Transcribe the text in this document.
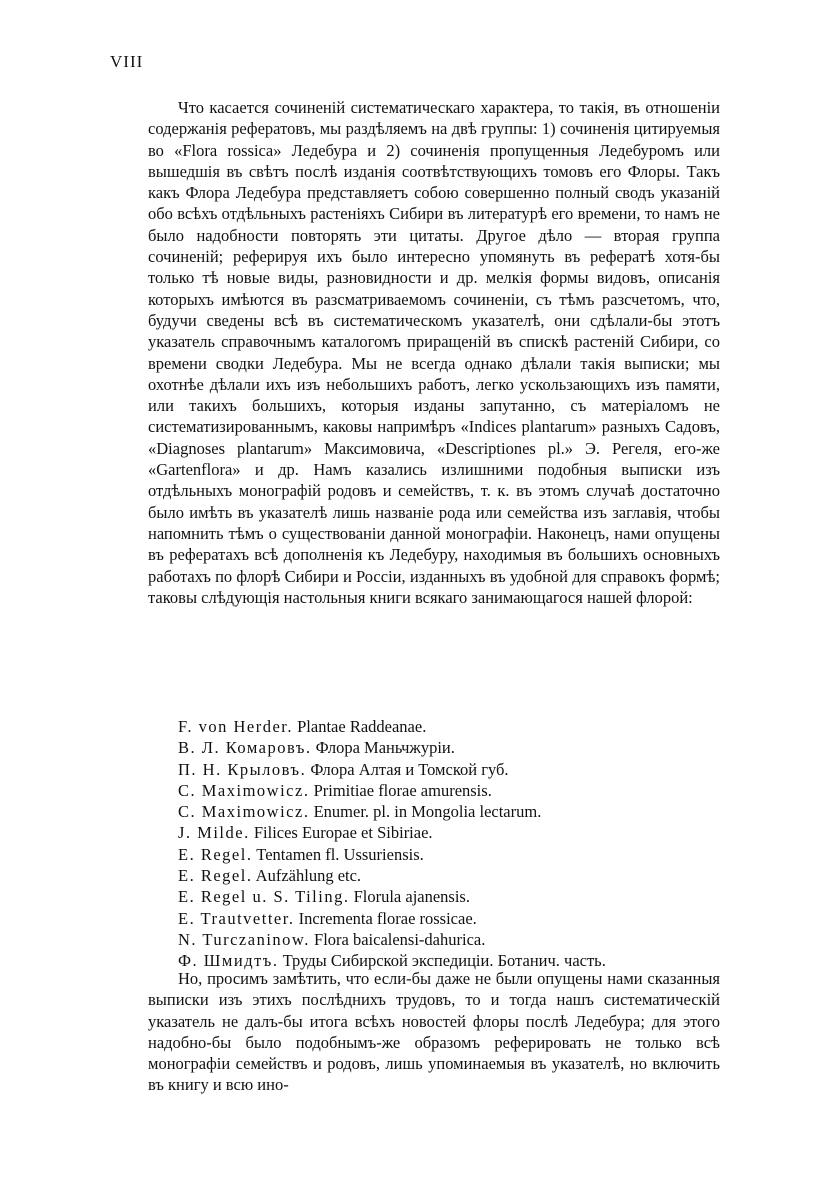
VIII

Что касается сочиненій систематическаго характера, то такія, въ отношеніи содержанія рефератовъ, мы раздѣляемъ на двѣ группы: 1) сочиненія цитируемыя во «Flora rossica» Ледебура и 2) сочиненія пропущенныя Ледебуромъ или вышедшія въ свѣтъ послѣ изданія соотвѣтствующихъ томовъ его Флоры. Такъ какъ Флора Ледебура представляетъ собою совершенно полный сводъ указаній обо всѣхъ отдѣльныхъ растеніяхъ Сибири въ литературѣ его времени, то намъ не было надобности повторять эти цитаты. Другое дѣло — вторая группа сочиненій; реферируя ихъ было интересно упомянуть въ рефератѣ хотя-бы только тѣ новые виды, разновидности и др. мелкія формы видовъ, описанія которыхъ имѣются въ разсматриваемомъ сочиненіи, съ тѣмъ разсчетомъ, что, будучи сведены всѣ въ систематическомъ указателѣ, они сдѣлали-бы этотъ указатель справочнымъ каталогомъ приращеній въ спискѣ растеній Сибири, со времени сводки Ледебура. Мы не всегда однако дѣлали такія выписки; мы охотнѣе дѣлали ихъ изъ небольшихъ работъ, легко ускользающихъ изъ памяти, или такихъ большихъ, которыя изданы запутанно, съ матеріаломъ не систематизированнымъ, каковы напримѣръ «Indices plantarum» разныхъ Садовъ, «Diagnoses plantarum» Максимовича, «Descriptiones pl.» Э. Регеля, его-же «Gartenflora» и др. Намъ казались излишними подобныя выписки изъ отдѣльныхъ монографій родовъ и семействъ, т. к. въ этомъ случаѣ достаточно было имѣть въ указателѣ лишь названіе рода или семейства изъ заглавія, чтобы напомнить тѣмъ о существованіи данной монографіи. Наконецъ, нами опущены въ рефератахъ всѣ дополненія къ Ледебуру, находимыя въ большихъ основныхъ работахъ по флорѣ Сибири и Россіи, изданныхъ въ удобной для справокъ формѣ; таковы слѣдующія настольныя книги всякаго занимающагося нашей флорой:

F. von Herder. Plantae Raddeanae.
В. Л. Комаровъ. Флора Маньчжуріи.
П. Н. Крыловъ. Флора Алтая и Томской губ.
C. Maximowicz. Primitiae florae amurensis.
C. Maximowicz. Enumer. pl. in Mongolia lectarum.
J. Milde. Filices Europae et Sibiriae.
E. Regel. Tentamen fl. Ussuriensis.
E. Regel. Aufzählung etc.
E. Regel u. S. Tiling. Florula ajanensis.
E. Trautvetter. Incrementa florae rossicae.
N. Turczaninow. Flora baicalensi-dahurica.
Ф. Шмидтъ. Труды Сибирской экспедиціи. Ботанич. часть.

Но, просимъ замѣтить, что если-бы даже не были опущены нами сказанныя выписки изъ этихъ послѣднихъ трудовъ, то и тогда нашъ систематическій указатель не далъ-бы итога всѣхъ новостей флоры послѣ Ледебура; для этого надобно-бы было подобнымъ-же образомъ реферировать не только всѣ монографіи семействъ и родовъ, лишь упоминаемыя въ указателѣ, но включить въ книгу и всю ино-
